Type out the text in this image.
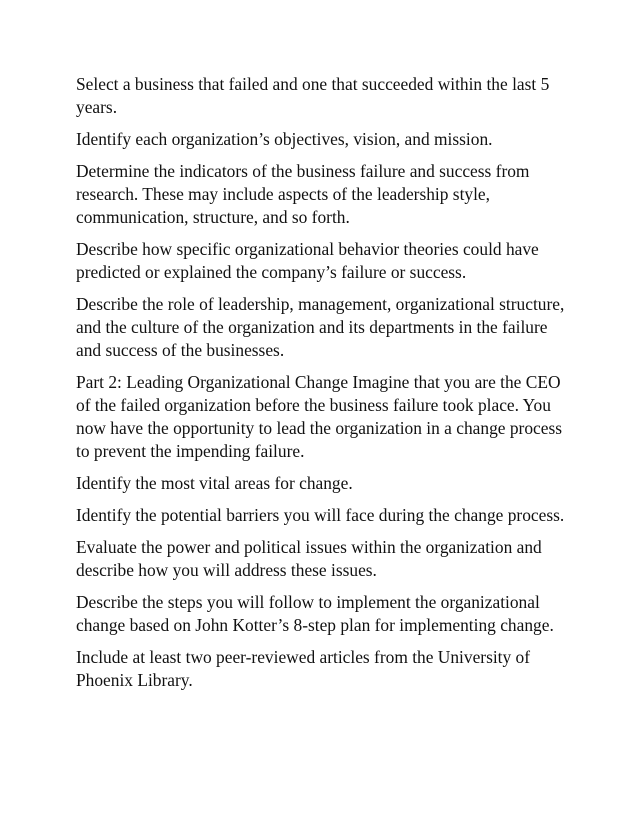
Select a business that failed and one that succeeded within the last 5 years.

Identify each organization’s objectives, vision, and mission.

Determine the indicators of the business failure and success from research. These may include aspects of the leadership style, communication, structure, and so forth.

Describe how specific organizational behavior theories could have predicted or explained the company’s failure or success.

Describe the role of leadership, management, organizational structure, and the culture of the organization and its departments in the failure and success of the businesses.

Part 2: Leading Organizational Change Imagine that you are the CEO of the failed organization before the business failure took place. You now have the opportunity to lead the organization in a change process to prevent the impending failure.

Identify the most vital areas for change.

Identify the potential barriers you will face during the change process.

Evaluate the power and political issues within the organization and describe how you will address these issues.

Describe the steps you will follow to implement the organizational change based on John Kotter’s 8-step plan for implementing change.

Include at least two peer-reviewed articles from the University of Phoenix Library.
